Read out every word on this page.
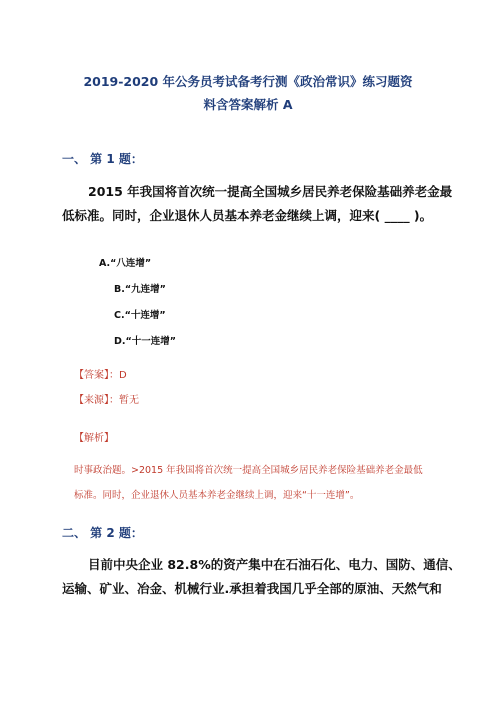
2019-2020 年公务员考试备考行测《政治常识》练习题资
料含答案解析 A
一、 第 1 题：
2015 年我国将首次统一提高全国城乡居民养老保险基础养老金最
低标准。同时，企业退休人员基本养老金继续上调，迎来( ____ )。
A.“八连增”
B.“九连增”
C.“十连增”
D.“十一连增”
【答案】：D
【来源】：暂无
【解析】
时事政治题。>2015 年我国将首次统一提高全国城乡居民养老保险基础养老金最低
标准。同时，企业退休人员基本养老金继续上调，迎来“十一连增”。
二、 第 2 题：
目前中央企业 82.8%的资产集中在石油石化、电力、国防、通信、
运输、矿业、冶金、机械行业.承担着我国几乎全部的原油、天然气和
